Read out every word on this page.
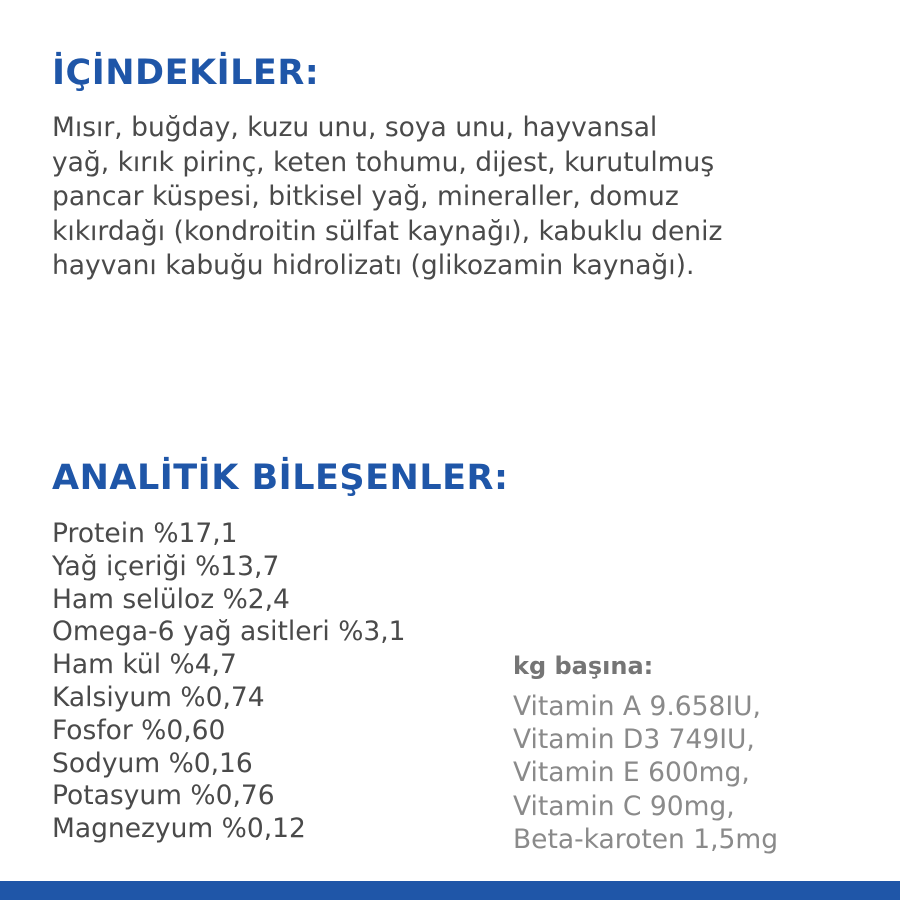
İÇİNDEKİLER:
Mısır, buğday, kuzu unu, soya unu, hayvansal
yağ, kırık pirinç, keten tohumu, dijest, kurutulmuş
pancar küspesi, bitkisel yağ, mineraller, domuz
kıkırdağı (kondroitin sülfat kaynağı), kabuklu deniz
hayvanı kabuğu hidrolizatı (glikozamin kaynağı).
ANALİTİK BİLEŞENLER:
Protein %17,1
Yağ içeriği %13,7
Ham selüloz %2,4
Omega-6 yağ asitleri %3,1
Ham kül %4,7
Kalsiyum %0,74
Fosfor %0,60
Sodyum %0,16
Potasyum %0,76
Magnezyum %0,12
kg başına:
Vitamin A 9.658IU,
Vitamin D3 749IU,
Vitamin E 600mg,
Vitamin C 90mg,
Beta-karoten 1,5mg
